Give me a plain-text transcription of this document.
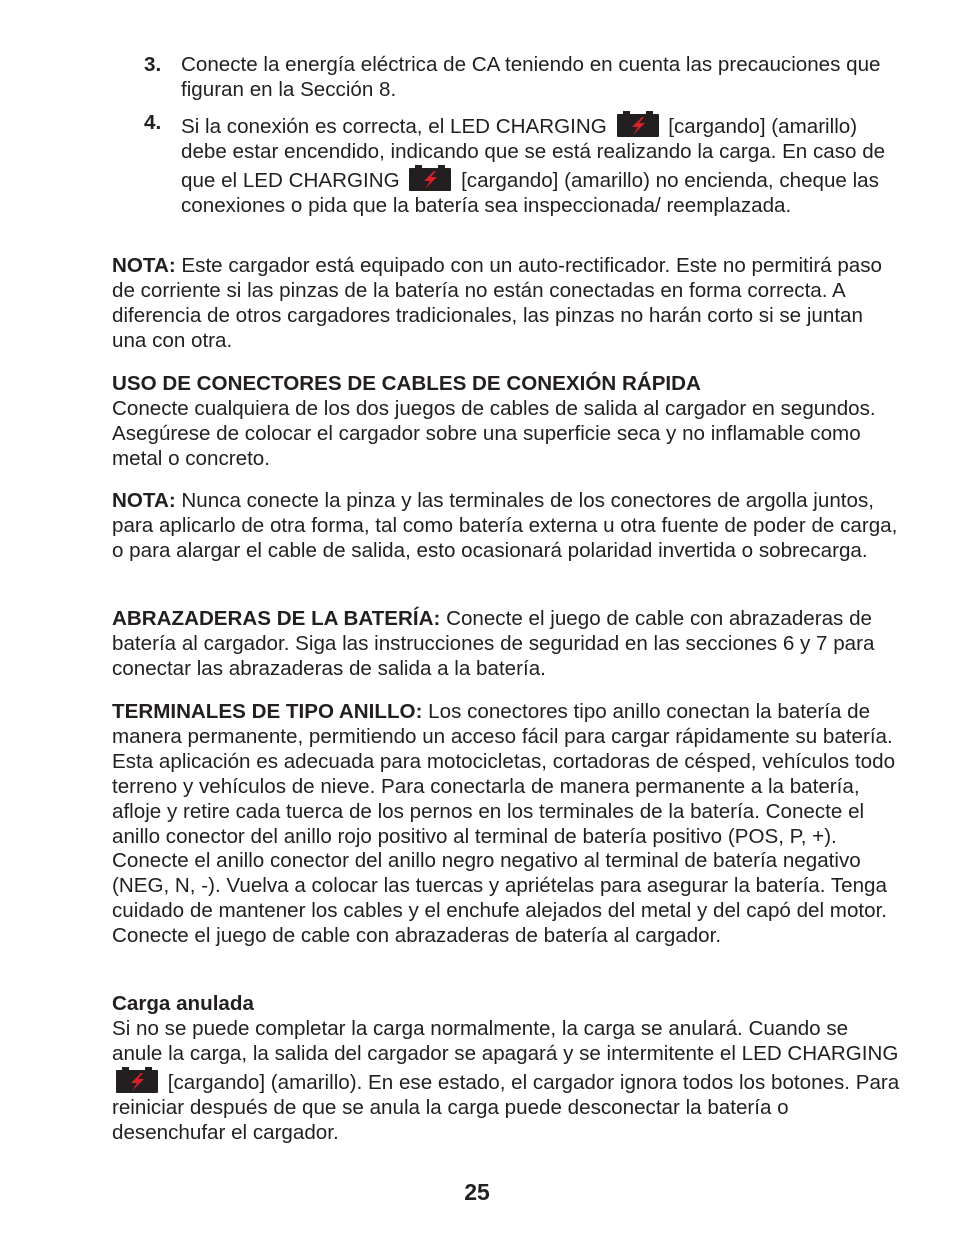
3. Conecte la energía eléctrica de CA teniendo en cuenta las precauciones que figuran en la Sección 8.
4. Si la conexión es correcta, el LED CHARGING	[cargando] (amarillo) debe estar encendido, indicando que se está realizando la carga. En caso de que el LED CHARGING	[cargando] (amarillo) no encienda, cheque las conexiones o pida que la batería sea inspeccionada/ reemplazada.
NOTA: Este cargador está equipado con un auto-rectificador. Este no permitirá paso de corriente si las pinzas de la batería no están conectadas en forma correcta. A diferencia de otros cargadores tradicionales, las pinzas no harán corto si se juntan una con otra.
USO DE CONECTORES DE CABLES DE CONEXIÓN RÁPIDA
Conecte cualquiera de los dos juegos de cables de salida al cargador en segundos. Asegúrese de colocar el cargador sobre una superficie seca y no inflamable como metal o concreto.
NOTA: Nunca conecte la pinza y las terminales de los conectores de argolla juntos, para aplicarlo de otra forma, tal como batería externa u otra fuente de poder de carga, o para alargar el cable de salida, esto ocasionará polaridad invertida o sobrecarga.
ABRAZADERAS DE LA BATERÍA: Conecte el juego de cable con abrazaderas de batería al cargador. Siga las instrucciones de seguridad en las secciones 6 y 7 para conectar las abrazaderas de salida a la batería.
TERMINALES DE TIPO ANILLO: Los conectores tipo anillo conectan la batería de manera permanente, permitiendo un acceso fácil para cargar rápidamente su batería. Esta aplicación es adecuada para motocicletas, cortadoras de césped, vehículos todo terreno y vehículos de nieve. Para conectarla de manera permanente a la batería, afloje y retire cada tuerca de los pernos en los terminales de la batería. Conecte el anillo conector del anillo rojo positivo al terminal de batería positivo (POS, P, +). Conecte el anillo conector del anillo negro negativo al terminal de batería negativo (NEG, N, -). Vuelva a colocar las tuercas y apriételas para asegurar la batería. Tenga cuidado de mantener los cables y el enchufe alejados del metal y del capó del motor. Conecte el juego de cable con abrazaderas de batería al cargador.
Carga anulada
Si no se puede completar la carga normalmente, la carga se anulará. Cuando se anule la carga, la salida del cargador se apagará y se intermitente el LED CHARGING
[cargando] (amarillo). En ese estado, el cargador ignora todos los botones. Para reiniciar después de que se anula la carga puede desconectar la batería o desenchufar el cargador.
25
